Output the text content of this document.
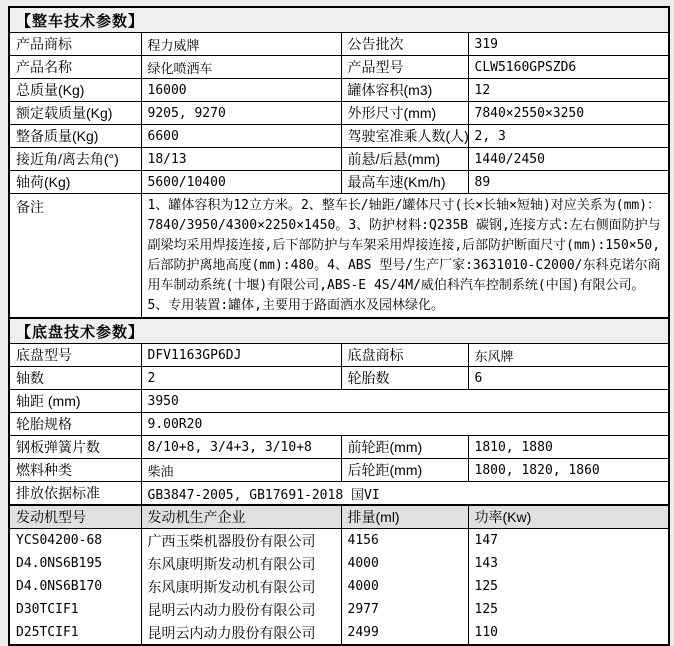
【整车技术参数】			
产品商标	程力威牌	公告批次	319
产品名称	绿化喷洒车	产品型号	CLW5160GPSZD6
总质量(Kg)	16000	罐体容积(m3)	12
额定载质量(Kg)	9205, 9270	外形尺寸(mm)	7840×2550×3250
整备质量(Kg)	6600	驾驶室准乘人数(人)	2, 3
接近角/离去角(°)	18/13	前悬/后悬(mm)	1440/2450
轴荷(Kg)	5600/10400	最高车速(Km/h)	89
备注	1、罐体容积为12立方米。2、整车长/轴距/罐体尺寸(长×长轴×短轴)对应关系为(mm)：7840/3950/4300×2250×1450。3、防护材料:Q235B 碳钢,连接方式:左右侧面防护与副梁均采用焊接连接,后下部防护与车架采用焊接连接,后部防护断面尺寸(mm):150×50,后部防护离地高度(mm):480。4、ABS 型号/生产厂家:3631010-C2000/东科克诺尔商用车制动系统(十堰)有限公司,ABS-E 4S/4M/威伯科汽车控制系统(中国)有限公司。5、专用装置:罐体,主要用于路面洒水及园林绿化。		
【底盘技术参数】			
底盘型号	DFV1163GP6DJ	底盘商标	东风牌
轴数	2	轮胎数	6
轴距 (mm)	3950		
轮胎规格	9.00R20		
钢板弹簧片数	8/10+8, 3/4+3, 3/10+8	前轮距(mm)	1810, 1880
燃料种类	柴油	后轮距(mm)	1800, 1820, 1860
排放依据标准	GB3847-2005, GB17691-2018 国VI		
发动机型号	发动机生产企业	排量(ml)	功率(Kw)
YCS04200-68	广西玉柴机器股份有限公司	4156	147
D4.0NS6B195	东风康明斯发动机有限公司	4000	143
D4.0NS6B170	东风康明斯发动机有限公司	4000	125
D30TCIF1	昆明云内动力股份有限公司	2977	125
D25TCIF1	昆明云内动力股份有限公司	2499	110
